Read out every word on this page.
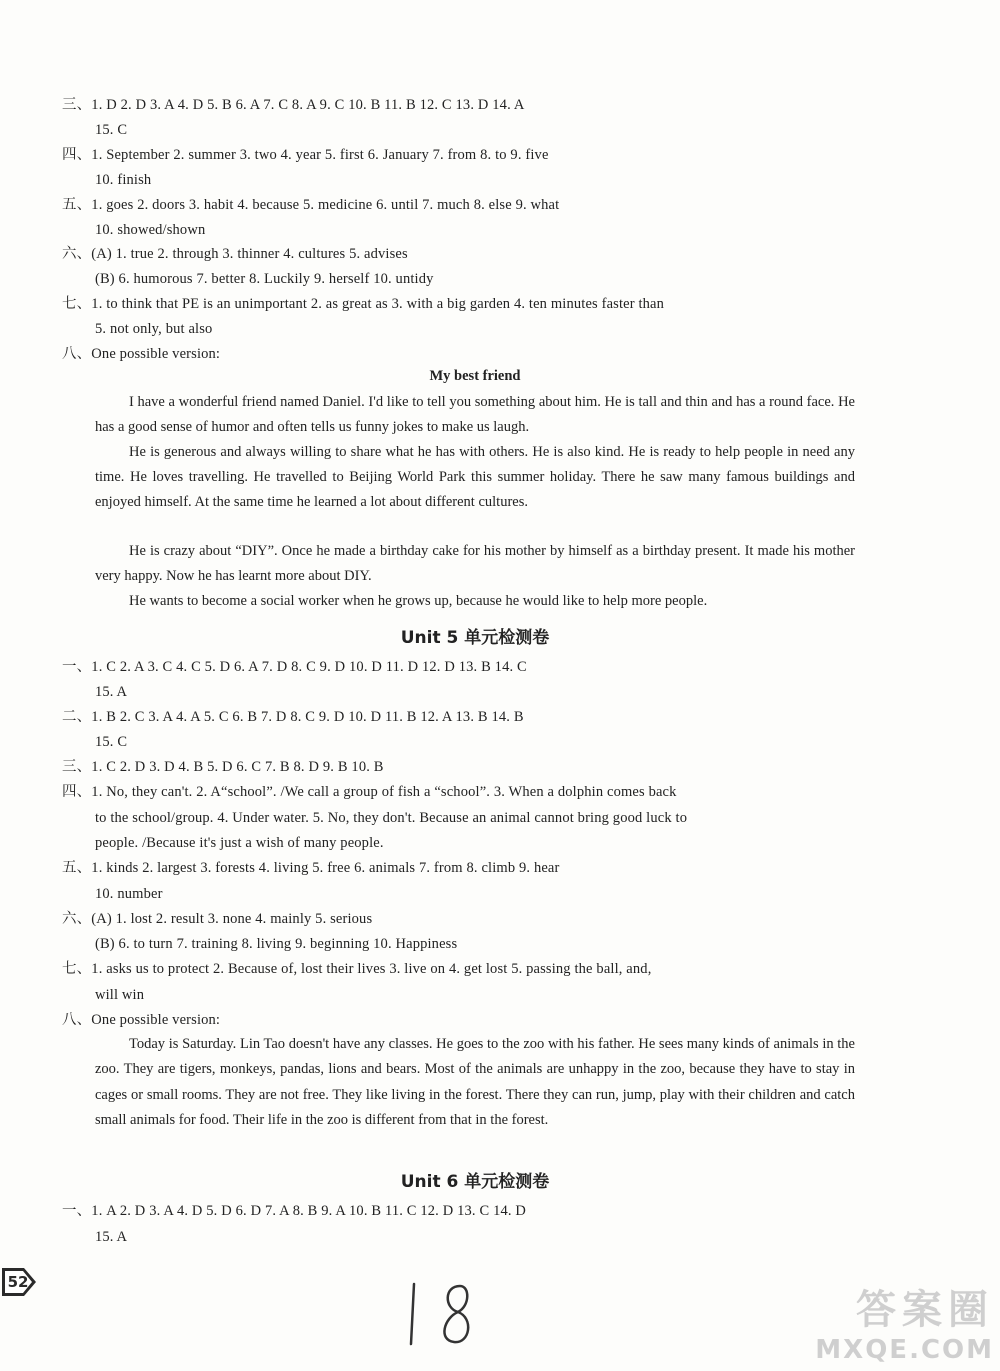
三、1. D 2. D 3. A 4. D 5. B 6. A 7. C 8. A 9. C 10. B 11. B 12. C 13. D 14. A
15. C
四、1. September 2. summer 3. two 4. year 5. first 6. January 7. from 8. to 9. five
10. finish
五、1. goes 2. doors 3. habit 4. because 5. medicine 6. until 7. much 8. else 9. what
10. showed/shown
六、(A) 1. true 2. through 3. thinner 4. cultures 5. advises
(B) 6. humorous 7. better 8. Luckily 9. herself 10. untidy
七、1. to think that PE is an unimportant 2. as great as 3. with a big garden 4. ten minutes faster than
5. not only, but also
八、One possible version:
My best friend
I have a wonderful friend named Daniel. I'd like to tell you something about him. He is tall and thin and has a round face. He has a good sense of humor and often tells us funny jokes to make us laugh.
He is generous and always willing to share what he has with others. He is also kind. He is ready to help people in need any time. He loves travelling. He travelled to Beijing World Park this summer holiday. There he saw many famous buildings and enjoyed himself. At the same time he learned a lot about different cultures.
He is crazy about “DIY”. Once he made a birthday cake for his mother by himself as a birthday present. It made his mother very happy. Now he has learnt more about DIY.
He wants to become a social worker when he grows up, because he would like to help more people.
Unit 5 单元检测卷
一、1. C 2. A 3. C 4. C 5. D 6. A 7. D 8. C 9. D 10. D 11. D 12. D 13. B 14. C
15. A
二、1. B 2. C 3. A 4. A 5. C 6. B 7. D 8. C 9. D 10. D 11. B 12. A 13. B 14. B
15. C
三、1. C 2. D 3. D 4. B 5. D 6. C 7. B 8. D 9. B 10. B
四、1. No, they can't. 2. A“school”. /We call a group of fish a “school”. 3. When a dolphin comes back
to the school/group. 4. Under water. 5. No, they don't. Because an animal cannot bring good luck to
people. /Because it's just a wish of many people.
五、1. kinds 2. largest 3. forests 4. living 5. free 6. animals 7. from 8. climb 9. hear
10. number
六、(A) 1. lost 2. result 3. none 4. mainly 5. serious
(B) 6. to turn 7. training 8. living 9. beginning 10. Happiness
七、1. asks us to protect 2. Because of, lost their lives 3. live on 4. get lost 5. passing the ball, and,
will win
八、One possible version:
Today is Saturday. Lin Tao doesn't have any classes. He goes to the zoo with his father. He sees many kinds of animals in the zoo. They are tigers, monkeys, pandas, lions and bears. Most of the animals are unhappy in the zoo, because they have to stay in cages or small rooms. They are not free. They like living in the forest. There they can run, jump, play with their children and catch small animals for food. Their life in the zoo is different from that in the forest.
Unit 6 单元检测卷
一、1. A 2. D 3. A 4. D 5. D 6. D 7. A 8. B 9. A 10. B 11. C 12. D 13. C 14. D
15. A
52
答案圈
MXQE.COM
